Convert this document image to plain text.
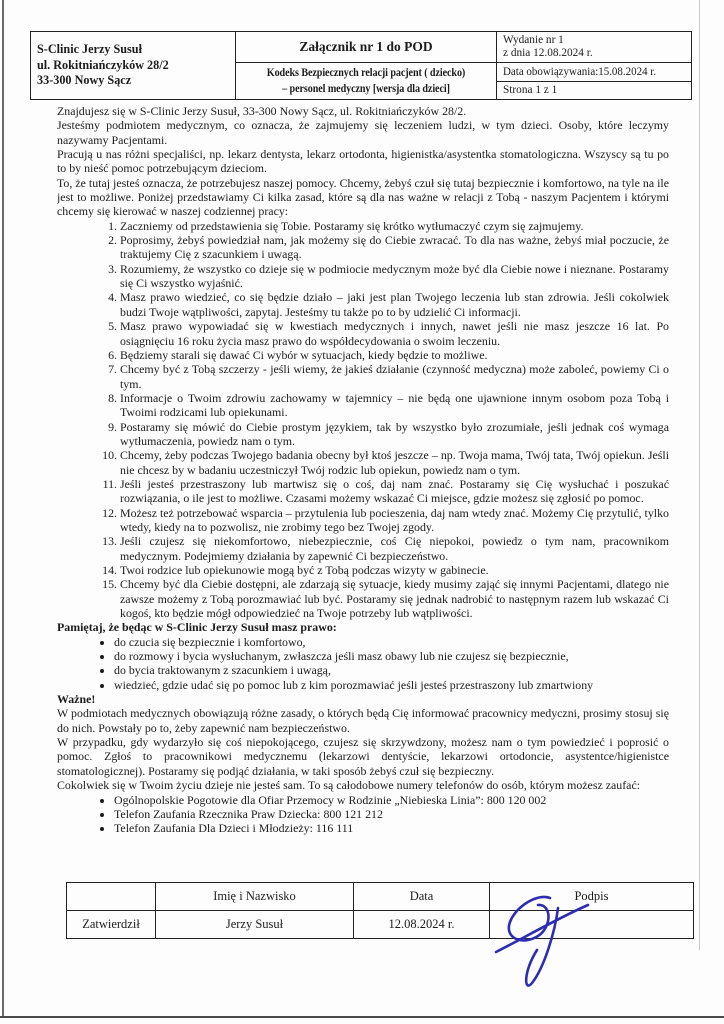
S-Clinic Jerzy Susuł
ul. Rokitniańczyków 28/2
33-300 Nowy Sącz
	Załącznik nr 1 do POD	Wydanie nr 1
z dnia 12.08.2024 r.

	Kodeks Bezpiecznych relacji pacjent ( dziecko)
– personel medyczny [wersja dla dzieci]	Data obowiązywania:15.08.2024 r.

		Strona 1 z 1

Znajdujesz się w S-Clinic Jerzy Susuł, 33-300 Nowy Sącz, ul. Rokitniańczyków 28/2.

Jesteśmy podmiotem medycznym, co oznacza, że zajmujemy się leczeniem ludzi, w tym dzieci. Osoby, które leczymy nazywamy Pacjentami.

Pracują u nas różni specjaliści, np. lekarz dentysta, lekarz ortodonta, higienistka/asystentka stomatologiczna. Wszyscy są tu po to by nieść pomoc potrzebującym dzieciom.

To, że tutaj jesteś oznacza, że potrzebujesz naszej pomocy. Chcemy, żebyś czuł się tutaj bezpiecznie i komfortowo, na tyle na ile jest to możliwe. Poniżej przedstawiamy Ci kilka zasad, które są dla nas ważne w relacji z Tobą - naszym Pacjentem i którymi chcemy się kierować w naszej codziennej pracy:

1. Zaczniemy od przedstawienia się Tobie. Postaramy się krótko wytłumaczyć czym się zajmujemy.
2. Poprosimy, żebyś powiedział nam, jak możemy się do Ciebie zwracać. To dla nas ważne, żebyś miał poczucie, że traktujemy Cię z szacunkiem i uwagą.
3. Rozumiemy, że wszystko co dzieje się w podmiocie medycznym może być dla Ciebie nowe i nieznane. Postaramy się Ci wszystko wyjaśnić.
4. Masz prawo wiedzieć, co się będzie działo – jaki jest plan Twojego leczenia lub stan zdrowia. Jeśli cokolwiek budzi Twoje wątpliwości, zapytaj. Jesteśmy tu także po to by udzielić Ci informacji.
5. Masz prawo wypowiadać się w kwestiach medycznych i innych, nawet jeśli nie masz jeszcze 16 lat. Po osiągnięciu 16 roku życia masz prawo do współdecydowania o swoim leczeniu.
6. Będziemy starali się dawać Ci wybór w sytuacjach, kiedy będzie to możliwe.
7. Chcemy być z Tobą szczerzy - jeśli wiemy, że jakieś działanie (czynność medyczna) może zaboleć, powiemy Ci o tym.
8. Informacje o Twoim zdrowiu zachowamy w tajemnicy – nie będą one ujawnione innym osobom poza Tobą i Twoimi rodzicami lub opiekunami.
9. Postaramy się mówić do Ciebie prostym językiem, tak by wszystko było zrozumiałe, jeśli jednak coś wymaga wytłumaczenia, powiedz nam o tym.
10. Chcemy, żeby podczas Twojego badania obecny był ktoś jeszcze – np. Twoja mama, Twój tata, Twój opiekun. Jeśli nie chcesz by w badaniu uczestniczył Twój rodzic lub opiekun, powiedz nam o tym.
11. Jeśli jesteś przestraszony lub martwisz się o coś, daj nam znać. Postaramy się Cię wysłuchać i poszukać rozwiązania, o ile jest to możliwe. Czasami możemy wskazać Ci miejsce, gdzie możesz się zgłosić po pomoc.
12. Możesz też potrzebować wsparcia – przytulenia lub pocieszenia, daj nam wtedy znać. Możemy Cię przytulić, tylko wtedy, kiedy na to pozwolisz, nie zrobimy tego bez Twojej zgody.
13. Jeśli czujesz się niekomfortowo, niebezpiecznie, coś Cię niepokoi, powiedz o tym nam, pracownikom medycznym. Podejmiemy działania by zapewnić Ci bezpieczeństwo.
14. Twoi rodzice lub opiekunowie mogą być z Tobą podczas wizyty w gabinecie.
15. Chcemy być dla Ciebie dostępni, ale zdarzają się sytuacje, kiedy musimy zająć się innymi Pacjentami, dlatego nie zawsze możemy z Tobą porozmawiać lub być. Postaramy się jednak nadrobić to następnym razem lub wskazać Ci kogoś, kto będzie mógł odpowiedzieć na Twoje potrzeby lub wątpliwości.

Pamiętaj, że będąc w S-Clinic Jerzy Susuł masz prawo:

• do czucia się bezpiecznie i komfortowo,
• do rozmowy i bycia wysłuchanym, zwłaszcza jeśli masz obawy lub nie czujesz się bezpiecznie,
• do bycia traktowanym z szacunkiem i uwagą,
• wiedzieć, gdzie udać się po pomoc lub z kim porozmawiać jeśli jesteś przestraszony lub zmartwiony

Ważne!

W podmiotach medycznych obowiązują różne zasady, o których będą Cię informować pracownicy medyczni, prosimy stosuj się do nich. Powstały po to, żeby zapewnić nam bezpieczeństwo.

W przypadku, gdy wydarzyło się coś niepokojącego, czujesz się skrzywdzony, możesz nam o tym powiedzieć i poprosić o pomoc. Zgłoś to pracownikowi medycznemu (lekarzowi dentyście, lekarzowi ortodoncie, asystentce/higienistce stomatologicznej). Postaramy się podjąć działania, w taki sposób żebyś czuł się bezpieczny.

Cokolwiek się w Twoim życiu dzieje nie jesteś sam. To są całodobowe numery telefonów do osób, którym możesz zaufać:

• Ogólnopolskie Pogotowie dla Ofiar Przemocy w Rodzinie „Niebieska Linia”: 800 120 002
• Telefon Zaufania Rzecznika Praw Dziecka: 800 121 212
• Telefon Zaufania Dla Dzieci i Młodzieży: 116 111
	Imię i Nazwisko	Data	Podpis
Zatwierdził	Jerzy Susuł	12.08.2024 r.	
